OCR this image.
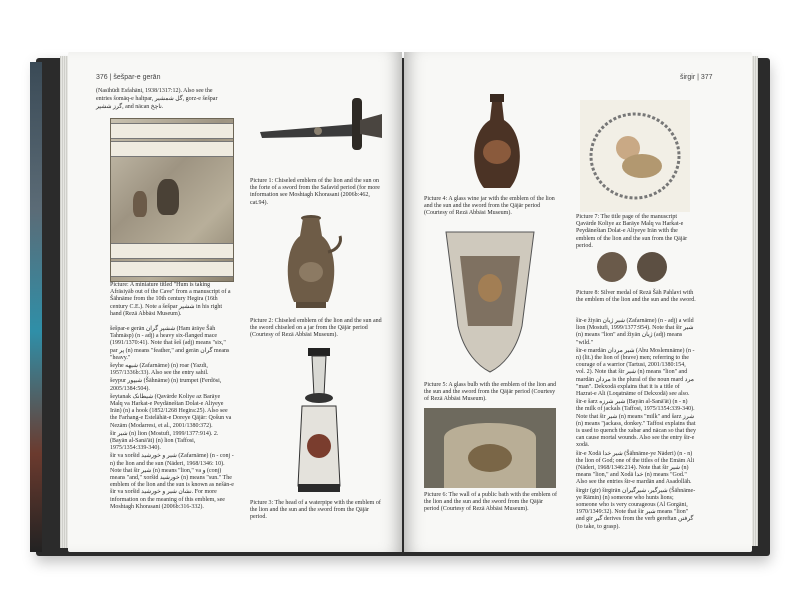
376 | šešpar-e gerān

(Nasīhūdi Esfahāni, 1938/1317:12). Also see the

entries šomāq-e haltpar, گل شمشیر, gorz-e šešpar

گرز ششپر, and nācan ناچخ.

Picture: A miniature titled "Hum is taking Afrāsiyāb out of the Cave" from a manuscript of a Šāhnāme from the 10th century Hegira (16th century C.E.). Note a šešpar ششپر in his right hand (Rezā Abbāsi Museum).

šešpar-e gerān ششپر گران (Ham ārāye Šāh Tahmāsp) (n - adj) a heavy six-flanged mace (1991/1370:41). Note that šeš (adj) means "six," par پر (n) means "feather," and gerān گران means "heavy."

šeyhe شیهه (Zafarnāme) (n) roar (Yazdi, 1957/1336b:33). Also see the entry sahil.

šeypur شیپور (Šāhnāme) (n) trumpet (Ferdōsi, 2005/1384:504).

šeytanak شیطانک (Qavārde Koliye az Barāye Malq va Harkat-e Peydāneštan Dolat-e Aliyeye Irān) (n) a hook (1852/1268 Hegira:25). Also see the Farhang-e Estelāhāt-e Doreye Qājār: Qošun va Nezām (Modarresi, et al., 2001/1380:372).

šir شیر (n) lion (Mostufi, 1999/1377:914). 2. (Bayān al-Sanā'āt) (n) lion (Taffosi, 1975/1354:339-340).

šir va xoršid شیر و خورشید (Zafarnāme) (n - conj - n) the lion and the sun (Nāderi, 1968/1346: 10). Note that šir شیر (n) means "lion," va و (conj) means "and," xoršid خورشید (n) means "sun." The emblem of the lion and the sun is known as nešān-e šir va xoršid نشان شیر و خورشید. For more information on the meaning of this emblem, see Moshtagh Khorasani (2006b:316-332).

Picture 1: Chiseled emblem of the lion and the sun on the forte of a sword from the Safavid period (for more information see Moshtagh Khorasani (2006b:462, cat.94).
Picture 2: Chiseled emblem of the lion and the sun and the sword chiseled on a jar from the Qājār period (Courtesy of Rezā Abbāsi Museum).
Picture 3: The head of a waterpipe with the emblem of the lion and the sun and the sword from the Qājār period.
širgir | 377
Picture 4: A glass wine jar with the emblem of the lion and the sun and the sword from the Qājār period (Courtesy of Rezā Abbāsi Museum).
Picture 5: A glass bulb with the emblem of the lion and the sun and the sword from the Qājār period (Courtesy of Rezā Abbāsi Museum).
Picture 6: The wall of a public bath with the emblem of the lion and the sun and the sword from the Qājār period (Courtesy of Rezā Abbāsi Museum).
Picture 7: The title page of the manuscript Qavārde Koliye az Barāye Malq va Harkat-e Peydāneštan Dolat-e Aliyeye Irān with the emblem of the lion and the sun from the Qājār period.
Picture 8: Silver medal of Rezā Šāh Pahlavi with the emblem of the lion and the sun and the sword.

šir-e žiyān شیر ژیان (Zafarnāme) (n - adj) a wild lion (Mostufi, 1999/1377:954). Note that šir شیر (n) means "lion" and žiyān ژیان (adj) means "wild."

šir-e mardān شیر مردان (Abu Moslemnāme) (n - n) (lit.) the lion of (brave) men; referring to the courage of a warrior (Tartusi, 2001/1380:154, vol. 2). Note that šir شیر (n) means "lion" and mardān مردان is the plural of the noun mard مرد "man". Dekxodā explains that it is a title of Hazrat-e Ali (Loqatnāme of Dekxodā) see also.

šir-e šarz شیر شرزه (Bayān al-Sanā'āt) (n - n) the milk of jackals (Taffosi, 1975/1354:339-340). Note that šir شیر (n) means "milk" and šarz شرز (n) means "jackass, donkey." Taffosi explains that is used to quench the xabar and nācan so that they can cause mortal wounds. Also see the entry šir-e xodā.

šir-e Xodā شیر خدا (Šāhnāme-ye Nāderi) (n - n) the lion of God; one of the titles of the Emām Ali (Nāderi, 1968/1346:214). Note that šir شیر (n) means "lion," and Xodā خدا (n) means "God." Also see the entries šir-e mardān and Asadollāh.

širgir (gir) širgirān شیرگیر، شیرگیران (Šāhnāme-ye Rāmin) (n) someone who hunts lions; someone who is very courageous (Al Gorgāni, 1970/1349:32). Note that šir شیر means "lion" and gir گیر derives from the verb gereftan گرفتن (to take, to grasp).
